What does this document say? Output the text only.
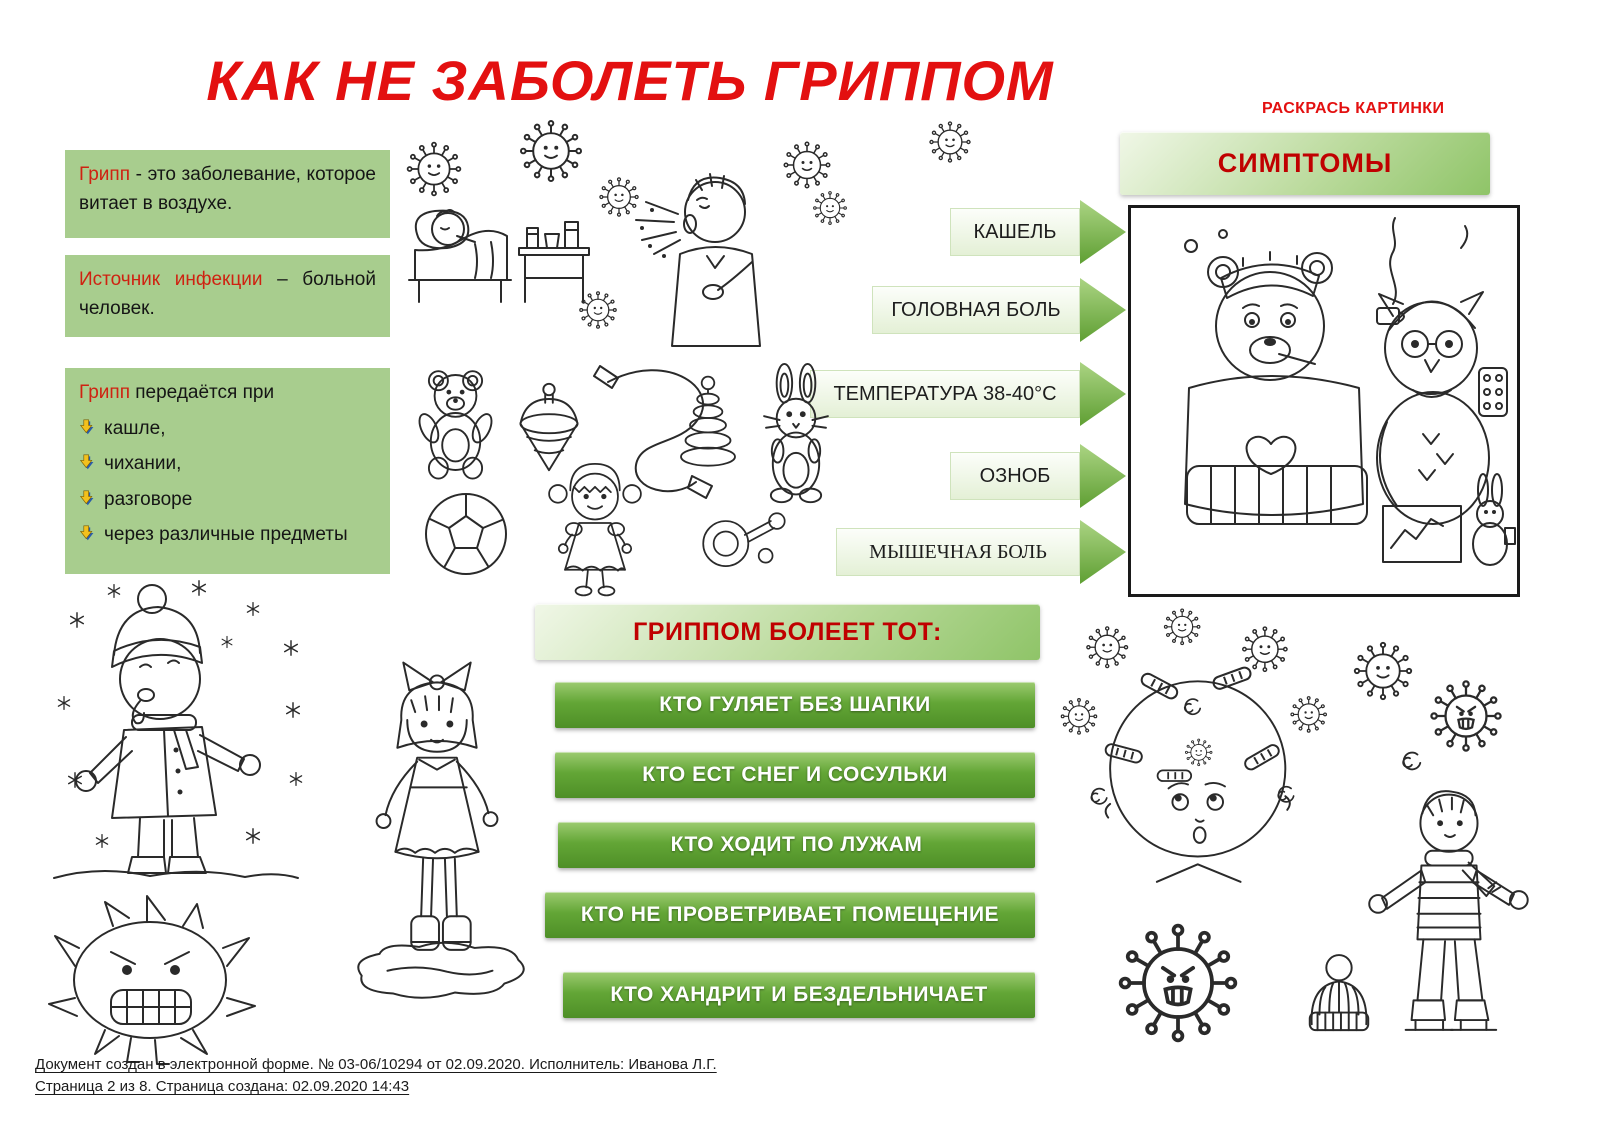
КАК НЕ ЗАБОЛЕТЬ ГРИППОМ	РАСКРАСЬ КАРТИНКИ
СИМПТОМЫ
Грипп - это заболевание, которое витает в воздухе.
Источник инфекции – больной человек.
Грипп передаётся при
кашле,
чихании,
разговоре
через различные предметы
КАШЕЛЬ
ГОЛОВНАЯ БОЛЬ
ТЕМПЕРАТУРА 38-40°С
ОЗНОБ
МЫШЕЧНАЯ БОЛЬ
ГРИППОМ БОЛЕЕТ ТОТ:
КТО ГУЛЯЕТ БЕЗ ШАПКИ
КТО ЕСТ СНЕГ И СОСУЛЬКИ
КТО ХОДИТ ПО ЛУЖАМ
КТО НЕ ПРОВЕТРИВАЕТ ПОМЕЩЕНИЕ
КТО ХАНДРИТ И БЕЗДЕЛЬНИЧАЕТ
Документ создан в электронной форме. № 03-06/10294 от 02.09.2020. Исполнитель: Иванова Л.Г.
Страница 2 из 8. Страница создана: 02.09.2020 14:43
